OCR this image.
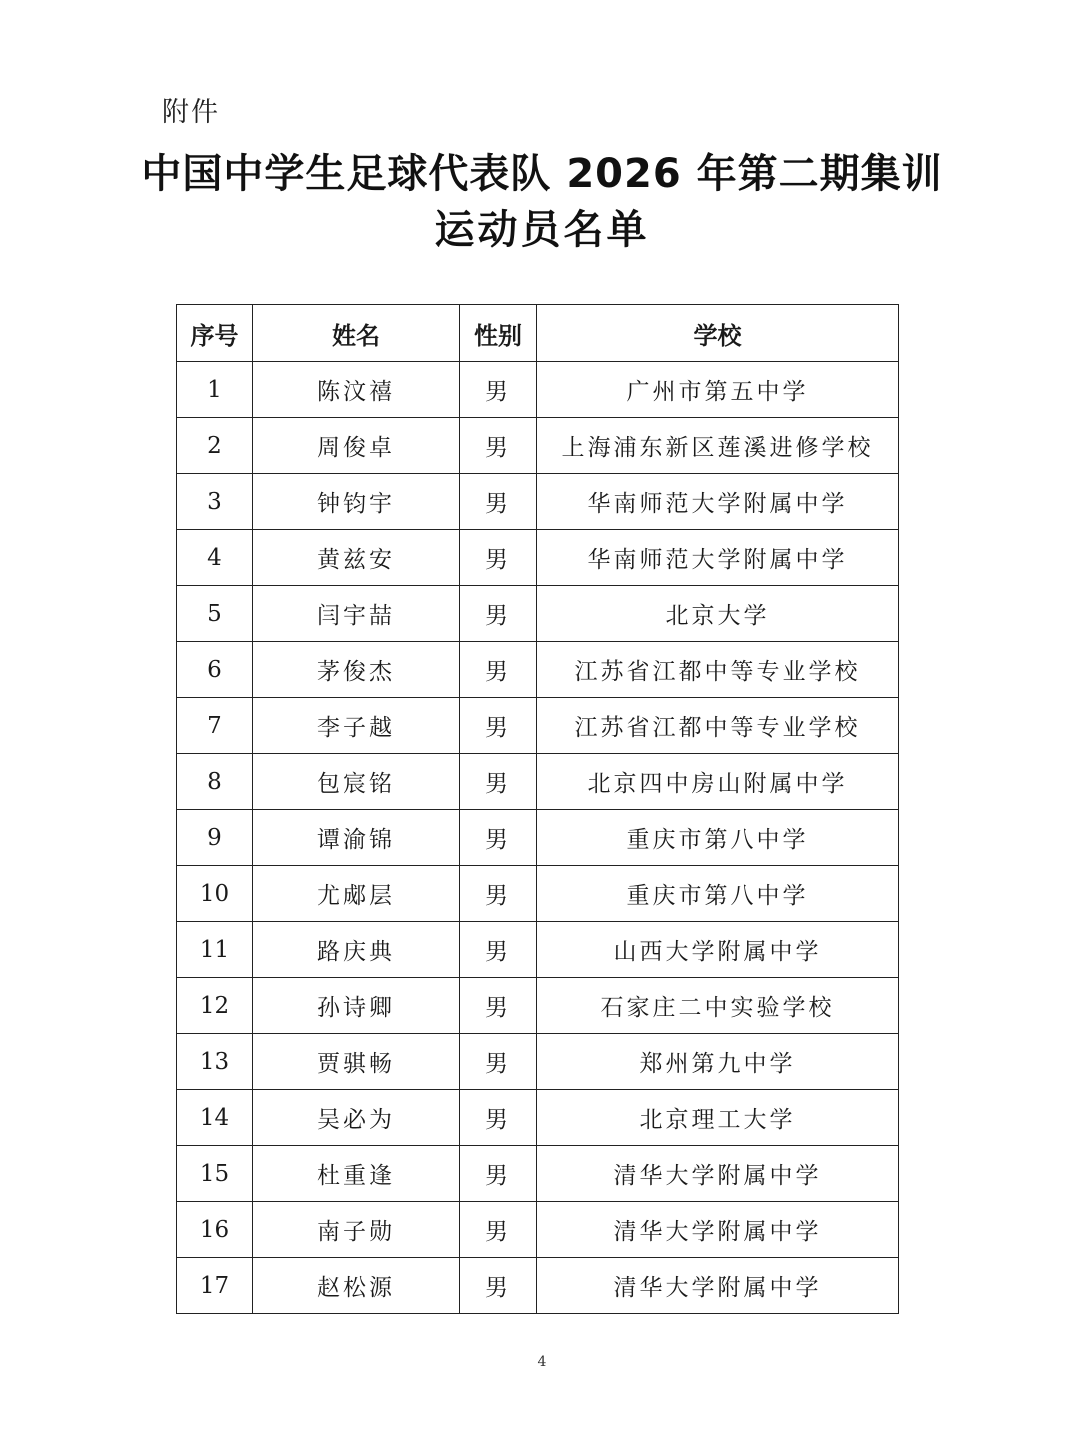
附件
中国中学生足球代表队 2026 年第二期集训
运动员名单
序号	姓名	性别	学校
1	陈汶禧	男	广州市第五中学
2	周俊卓	男	上海浦东新区莲溪进修学校
3	钟钧宇	男	华南师范大学附属中学
4	黄兹安	男	华南师范大学附属中学
5	闫宇喆	男	北京大学
6	茅俊杰	男	江苏省江都中等专业学校
7	李子越	男	江苏省江都中等专业学校
8	包宸铭	男	北京四中房山附属中学
9	谭渝锦	男	重庆市第八中学
10	尤郕层	男	重庆市第八中学
11	路庆典	男	山西大学附属中学
12	孙诗卿	男	石家庄二中实验学校
13	贾骐畅	男	郑州第九中学
14	吴必为	男	北京理工大学
15	杜重逢	男	清华大学附属中学
16	南子勋	男	清华大学附属中学
17	赵松源	男	清华大学附属中学
4
